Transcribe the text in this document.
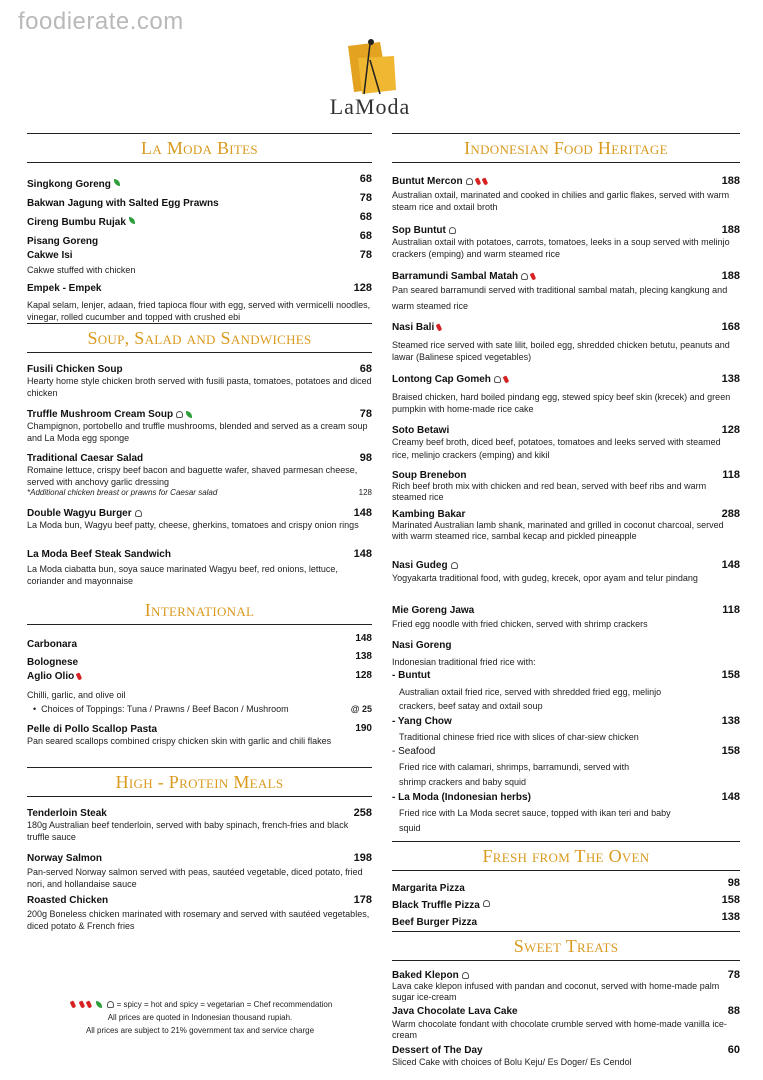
foodierate.com
LaModa
La Moda Bites
Singkong Goreng	68
Bakwan Jagung with Salted Egg Prawns	78
Cireng Bumbu Rujak	68
Pisang Goreng	68
Cakwe Isi	78
Cakwe stuffed with chicken
Empek - Empek	128
Kapal selam, lenjer, adaan, fried tapioca flour with egg, served with vermicelli noodles, vinegar, rolled cucumber and topped with crushed ebi
Soup, Salad and Sandwiches
Fusili Chicken Soup	68
Hearty home style chicken broth served with fusili pasta, tomatoes, potatoes and diced chicken
Truffle Mushroom Cream Soup	78
Champignon, portobello and truffle mushrooms, blended and served as a cream soup and La Moda egg sponge
Traditional Caesar Salad	98
Romaine lettuce, crispy beef bacon and baguette wafer, shaved parmesan cheese, served with anchovy garlic dressing
*Additional chicken breast or prawns for Caesar salad	128
Double Wagyu Burger	148
La Moda bun, Wagyu beef patty, cheese, gherkins, tomatoes and crispy onion rings
La Moda Beef Steak Sandwich	148
La Moda ciabatta bun, soya sauce marinated Wagyu beef, red onions, lettuce, coriander and mayonnaise
International
Carbonara
148
Bolognese
138
Aglio Olio	128
Chilli, garlic, and olive oil
•  Choices of Toppings: Tuna / Prawns / Beef Bacon / Mushroom	@ 25
Pelle di Pollo Scallop Pasta	190
Pan seared scallops combined crispy chicken skin with garlic and chili flakes
High - Protein Meals
Tenderloin Steak	258
180g Australian beef tenderloin, served with baby spinach, french-fries and black truffle sauce
Norway Salmon	198
Pan-served Norway salmon served with peas, sautéed vegetable, diced potato, fried nori, and hollandaise sauce
Roasted Chicken	178
200g Boneless chicken marinated with rosemary and served with sautéed vegetables, diced potato & French fries
= spicy = hot and spicy = vegetarian = Chef recommendation
All prices are quoted in Indonesian thousand rupiah.
All prices are subject to 21% government tax and service charge
Indonesian Food Heritage
Buntut Mercon	188
Australian oxtail, marinated and cooked in chilies and garlic flakes, served with warm steam rice and oxtail broth
Sop Buntut	188
Australian oxtail with potatoes, carrots, tomatoes, leeks in a soup served with melinjo crackers (emping) and warm steamed rice
Barramundi Sambal Matah	188
Pan seared barramundi served with traditional sambal matah, plecing kangkung and warm steamed rice
Nasi Bali	168
Steamed rice served with sate lilit, boiled egg, shredded chicken betutu, peanuts and lawar (Balinese spiced vegetables)
Lontong Cap Gomeh	138
Braised chicken, hard boiled pindang egg, stewed spicy beef skin (krecek) and green pumpkin with home-made rice cake
Soto Betawi	128
Creamy beef broth, diced beef, potatoes, tomatoes and leeks served with steamed rice, melinjo crackers (emping) and kikil
Soup Brenebon	118
Rich beef broth mix with chicken and red bean, served with beef ribs and warm steamed rice
Kambing Bakar	288
Marinated Australian lamb shank, marinated and grilled in coconut charcoal, served with warm steamed rice, sambal kecap and pickled pineapple
Nasi Gudeg	148
Yogyakarta traditional food, with gudeg, krecek, opor ayam and telur pindang
Mie Goreng Jawa	118
Fried egg noodle with fried chicken, served with shrimp crackers
Nasi Goreng
Indonesian traditional fried rice with:
- Buntut	158
Australian oxtail fried rice, served with shredded fried egg, melinjo crackers, beef satay and oxtail soup
- Yang Chow	138
Traditional chinese fried rice with slices of char-siew chicken
- Seafood	158
Fried rice with calamari, shrimps, barramundi, served with shrimp crackers and baby squid
- La Moda (Indonesian herbs)	148
Fried rice with La Moda secret sauce, topped with ikan teri and baby squid
Fresh from The Oven
Margarita Pizza	98
Black Truffle Pizza	158
Beef Burger Pizza	138
Sweet Treats
Baked Klepon	78
Lava cake klepon infused with pandan and coconut, served with home-made palm sugar ice-cream
Java Chocolate Lava Cake	88
Warm chocolate fondant with chocolate crumble served with home-made vanilla ice-cream
Dessert of The Day	60
Sliced Cake with choices of Bolu Keju/ Es Doger/ Es Cendol
